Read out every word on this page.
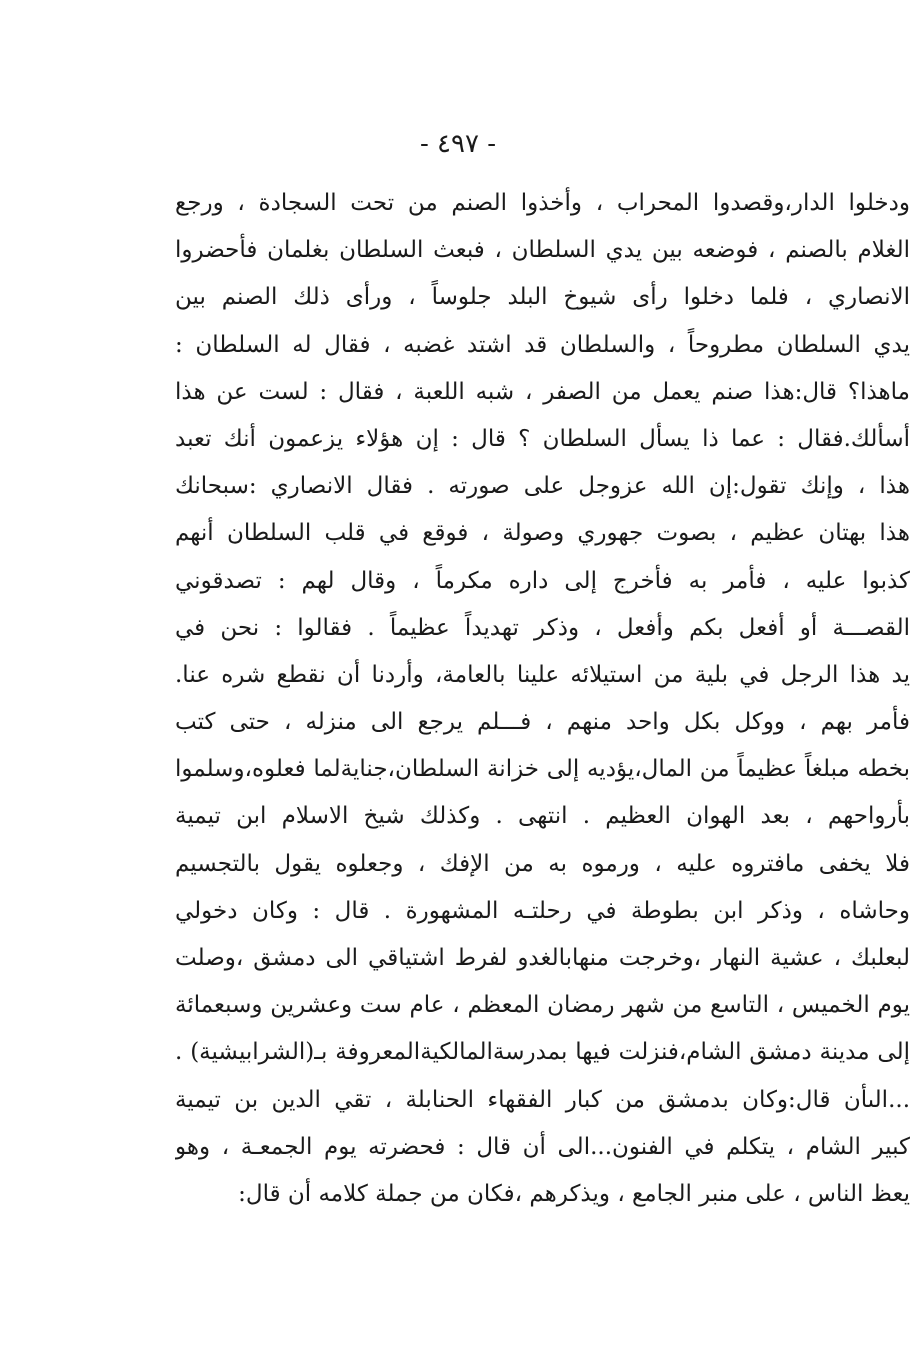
- ٤٩٧ -
ودخلوا الدار،وقصدوا المحراب ، وأخذوا الصنم من تحت السجادة ، ورجع
الغلام بالصنم ، فوضعه بين يدي السلطان ، فبعث السلطان بغلمان فأحضروا
الانصاري ، فلما دخلوا رأى شيوخ البلد جلوساً ، ورأى ذلك الصنم بين
يدي السلطان مطروحاً ، والسلطان قد اشتد غضبه ، فقال له السلطان :
ماهذا؟ قال:هذا صنم يعمل من الصفر ، شبه اللعبة ، فقال : لست عن هذا
أسألك.فقال : عما ذا يسأل السلطان ؟ قال : إن هؤلاء يزعمون أنك تعبد
هذا ، وإنك تقول:إن الله عزوجل على صورته . فقال الانصاري :سبحانك
هذا بهتان عظيم ، بصوت جهوري وصولة ، فوقع في قلب السلطان أنهم
كذبوا عليه ، فأمر به فأخرج إلى داره مكرماً ، وقال لهم : تصدقوني
القصـــة أو أفعل بكم وأفعل ، وذكر تهديداً عظيماً . فقالوا : نحن في
يد هذا الرجل في بلية من استيلائه علينا بالعامة، وأردنا أن نقطع شره عنا.
فأمر بهم ، ووكل بكل واحد منهم ، فـــلم يرجع الى منزله ، حتى كتب
بخطه مبلغاً عظيماً من المال،يؤديه إلى خزانة السلطان،جنايةلما فعلوه،وسلموا
بأرواحهم ، بعد الهوان العظيم . انتهى . وكذلك شيخ الاسلام ابن تيمية
فلا يخفى مافتروه عليه ، ورموه به من الإفك ، وجعلوه يقول بالتجسيم
وحاشاه ، وذكر ابن بطوطة في رحلتـه المشهورة . قال : وكان دخولي
لبعلبك ، عشية النهار ،وخرجت منهابالغدو لفرط اشتياقي الى دمشق ،وصلت
يوم الخميس ، التاسع من شهر رمضان المعظم ، عام ست وعشرين وسبعمائة
إلى مدينة دمشق الشام،فنزلت فيها بمدرسةالمالكيةالمعروفة بـ(الشرابيشية) .
...الىأن قال:وكان بدمشق من كبار الفقهاء الحنابلة ، تقي الدين بن تيمية
كبير الشام ، يتكلم في الفنون...الى أن قال : فحضرته يوم الجمعـة ، وهو
يعظ الناس ، على منبر الجامع ، ويذكرهم ،فكان من جملة كلامه أن قال:
